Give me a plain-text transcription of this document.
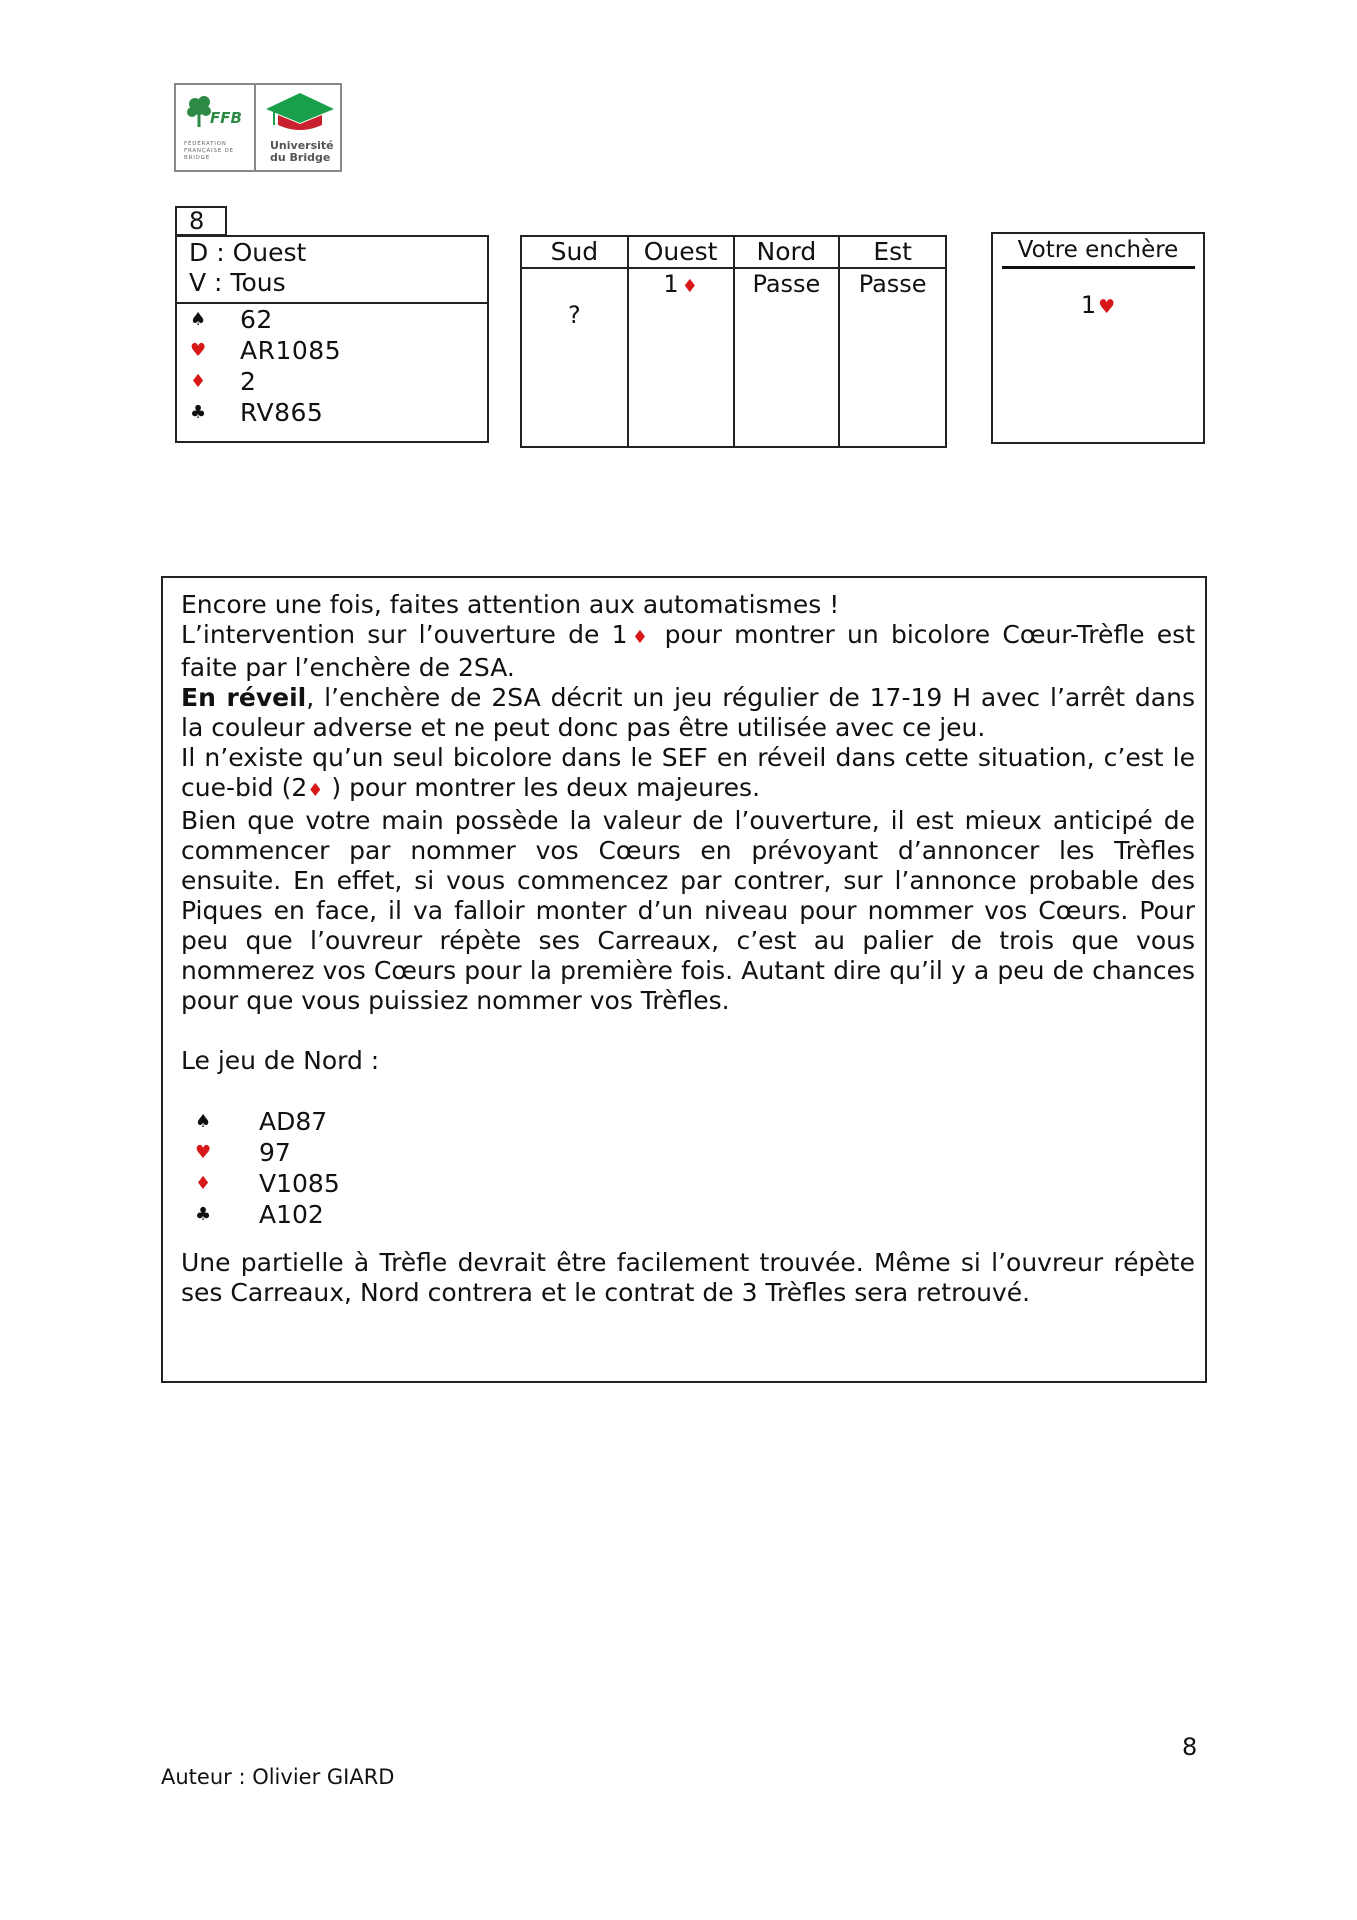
FFB
FÉDÉRATION FRANÇAISE DE BRIDGE
Université
du Bridge
8
D : Ouest
V : Tous
♠	62
♥	AR1085
♦	2
♣	RV865
Sud	Ouest	Nord	Est

?	1 ♦	Passe	Passe
Votre enchère
1 ♥

Encore une fois, faites attention aux automatismes !

L’intervention sur l’ouverture de 1♦ pour montrer un bicolore Cœur-Trèfle est faite par l’enchère de 2SA.

En réveil, l’enchère de 2SA décrit un jeu régulier de 17-19 H avec l’arrêt dans la couleur adverse et ne peut donc pas être utilisée avec ce jeu.

Il n’existe qu’un seul bicolore dans le SEF en réveil dans cette situation, c’est le cue-bid (2♦ ) pour montrer les deux majeures.

Bien que votre main possède la valeur de l’ouverture, il est mieux anticipé de commencer par nommer vos Cœurs en prévoyant d’annoncer les Trèfles ensuite. En effet, si vous commencez par contrer, sur l’annonce probable des Piques en face, il va falloir monter d’un niveau pour nommer vos Cœurs. Pour peu que l’ouvreur répète ses Carreaux, c’est au palier de trois que vous nommerez vos Cœurs pour la première fois. Autant dire qu’il y a peu de chances pour que vous puissiez nommer vos Trèfles.

Le jeu de Nord :

♠	AD87
♥	97
♦	V1085
♣	A102

Une partielle à Trèfle devrait être facilement trouvée. Même si l’ouvreur répète ses Carreaux, Nord contrera et le contrat de 3 Trèfles sera retrouvé.

8
Auteur : Olivier GIARD
